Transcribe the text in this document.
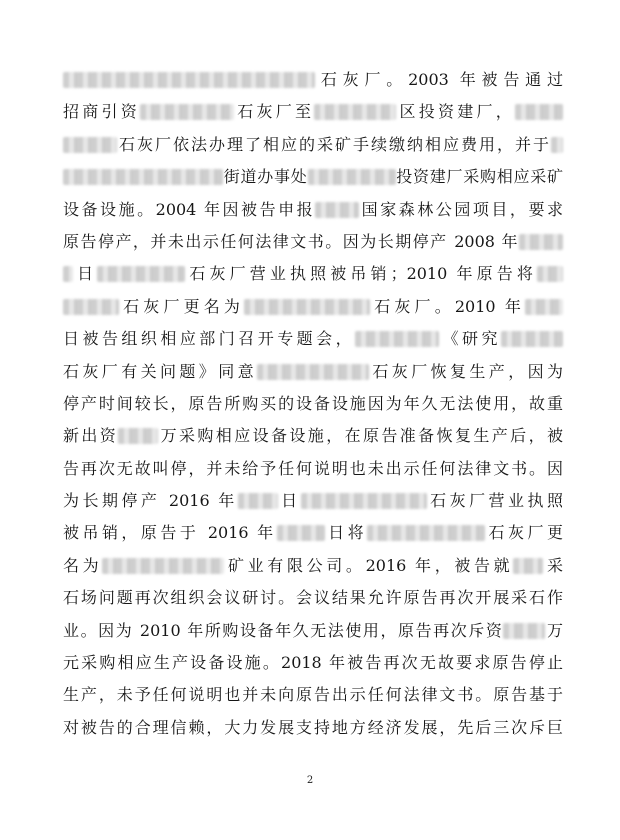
石灰厂。2003 年被告通过
招商引资	石灰厂至	区投资建厂，
石灰厂依法办理了相应的采矿手续缴纳相应费用，并于
街道办事处	投资建厂采购相应采矿
设备设施。2004 年因被告申报	国家森林公园项目，要求
原告停产，并未出示任何法律文书。因为长期停产 2008 年
日	石灰厂营业执照被吊销；2010 年原告将
石灰厂更名为	石灰厂。2010 年
日被告组织相应部门召开专题会，	《研究
石灰厂有关问题》同意	石灰厂恢复生产，因为
停产时间较长，原告所购买的设备设施因为年久无法使用，故重
新出资	万采购相应设备设施，在原告准备恢复生产后，被
告再次无故叫停，并未给予任何说明也未出示任何法律文书。因
为长期停产 2016 年	日	石灰厂营业执照
被吊销，原告于 2016 年	日将	石灰厂更
名为	矿业有限公司。2016 年，被告就 采
石场问题再次组织会议研讨。会议结果允许原告再次开展采石作
业。因为 2010 年所购设备年久无法使用，原告再次斥资	万
元采购相应生产设备设施。2018 年被告再次无故要求原告停止
生产，未予任何说明也并未向原告出示任何法律文书。原告基于
对被告的合理信赖，大力发展支持地方经济发展，先后三次斥巨
2
